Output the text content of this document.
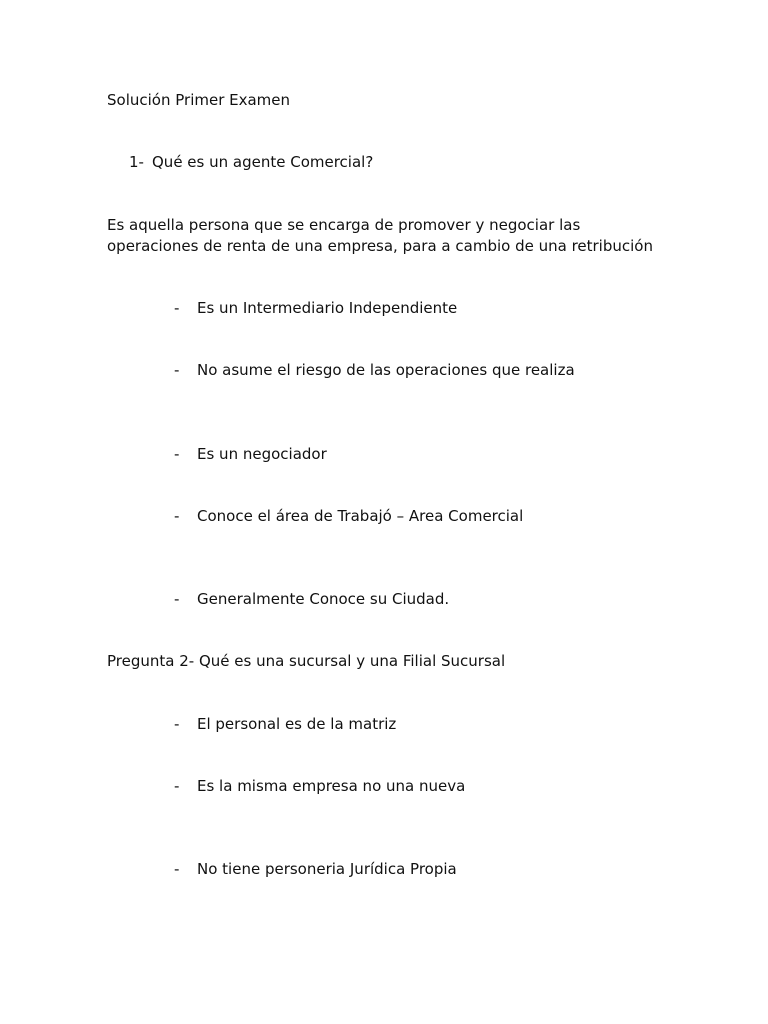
Solución Primer Examen
1- Qué es un agente Comercial?
Es aquella persona que se encarga de promover y negociar las
operaciones de renta de una empresa, para a cambio de una retribución
- Es un Intermediario Independiente
- No asume el riesgo de las operaciones que realiza
- Es un negociador
- Conoce el área de Trabajó – Area Comercial
- Generalmente Conoce su Ciudad.
Pregunta 2- Qué es una sucursal y una Filial Sucursal
- El personal es de la matriz
- Es la misma empresa no una nueva
- No tiene personeria Jurídica Propia
